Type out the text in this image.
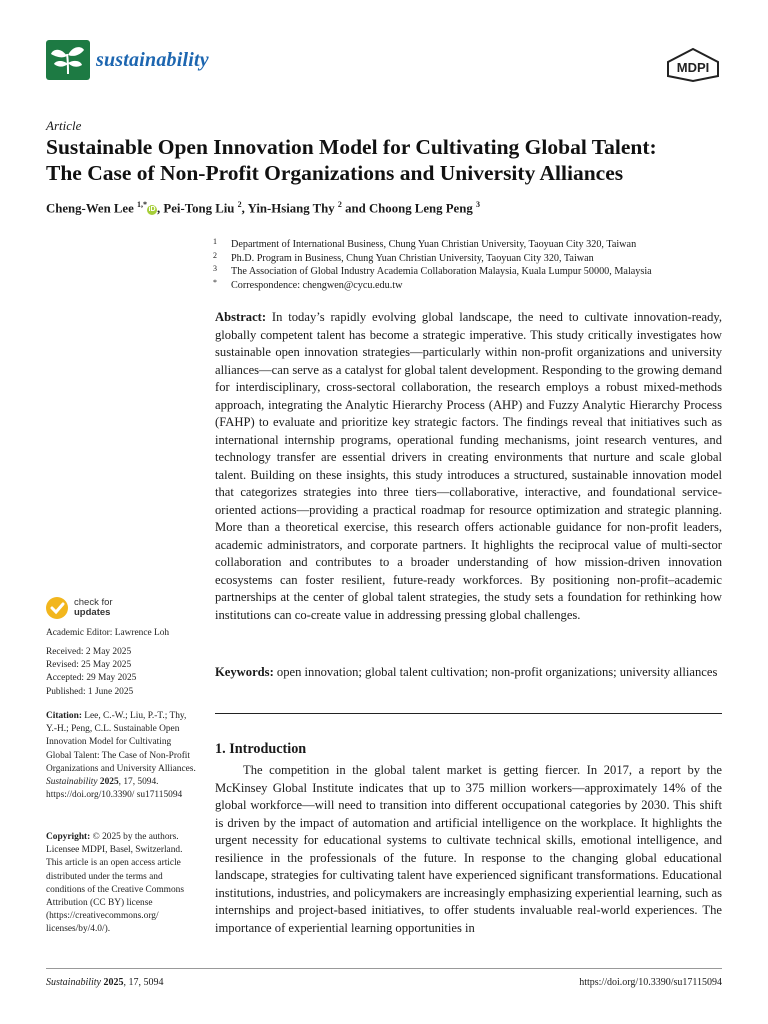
sustainability	MDPI
Article
Sustainable Open Innovation Model for Cultivating Global Talent:
The Case of Non-Profit Organizations and University Alliances
Cheng-Wen Lee $^{1,*}$iD , Pei-Tong Liu $^2$, Yin-Hsiang Thy $^2$ and Choong Leng Peng $^3$
1 Department of International Business, Chung Yuan Christian University, Taoyuan City 320, Taiwan
2 Ph.D. Program in Business, Chung Yuan Christian University, Taoyuan City 320, Taiwan
3 The Association of Global Industry Academia Collaboration Malaysia, Kuala Lumpur 50000, Malaysia
* Correspondence: chengwen@cycu.edu.tw
Abstract: In today’s rapidly evolving global landscape, the need to cultivate innovation-ready, globally competent talent has become a strategic imperative. This study critically investigates how sustainable open innovation strategies—particularly within non-profit organizations and university alliances—can serve as a catalyst for global talent development. Responding to the growing demand for interdisciplinary, cross-sectoral collaboration, the research employs a robust mixed-methods approach, integrating the Analytic Hierarchy Process (AHP) and Fuzzy Analytic Hierarchy Process (FAHP) to evaluate and prioritize key strategic factors. The findings reveal that initiatives such as international internship programs, operational funding mechanisms, joint research ventures, and technology transfer are essential drivers in creating environments that nurture and scale global talent. Building on these insights, this study introduces a structured, sustainable innovation model that categorizes strategies into three tiers—collaborative, interactive, and foundational service-oriented actions—providing a practical roadmap for resource optimization and strategic planning. More than a theoretical exercise, this research offers actionable guidance for non-profit leaders, academic administrators, and corporate partners. It highlights the reciprocal value of multi-sector collaboration and contributes to a broader understanding of how mission-driven innovation ecosystems can foster resilient, future-ready workforces. By positioning non-profit–academic partnerships at the center of global talent strategies, the study sets a foundation for rethinking how institutions can co-create value in addressing pressing global challenges.
Keywords: open innovation; global talent cultivation; non-profit organizations; university alliances
1. Introduction
The competition in the global talent market is getting fiercer. In 2017, a report by the McKinsey Global Institute indicates that up to 375 million workers—approximately 14% of the global workforce—will need to transition into different occupational categories by 2030. This shift is driven by the impact of automation and artificial intelligence on the workplace. It highlights the urgent necessity for educational systems to cultivate technical skills, emotional intelligence, and resilience in the professionals of the future. In response to the changing global educational landscape, strategies for cultivating talent have experienced significant transformations. Educational institutions, industries, and policymakers are increasingly emphasizing experiential learning, such as internships and project-based initiatives, to offer students invaluable real-world experiences. The importance of experiential learning opportunities in
check for
updates
Academic Editor: Lawrence Loh
Received: 2 May 2025
Revised: 25 May 2025
Accepted: 29 May 2025
Published: 1 June 2025
Citation: Lee, C.-W.; Liu, P.-T.; Thy, Y.-H.; Peng, C.L. Sustainable Open Innovation Model for Cultivating Global Talent: The Case of Non-Profit Organizations and University Alliances. Sustainability 2025, 17, 5094. https://doi.org/10.3390/ su17115094
Copyright: © 2025 by the authors. Licensee MDPI, Basel, Switzerland. This article is an open access article distributed under the terms and conditions of the Creative Commons Attribution (CC BY) license (https://creativecommons.org/ licenses/by/4.0/).
Sustainability 2025, 17, 5094	https://doi.org/10.3390/su17115094
